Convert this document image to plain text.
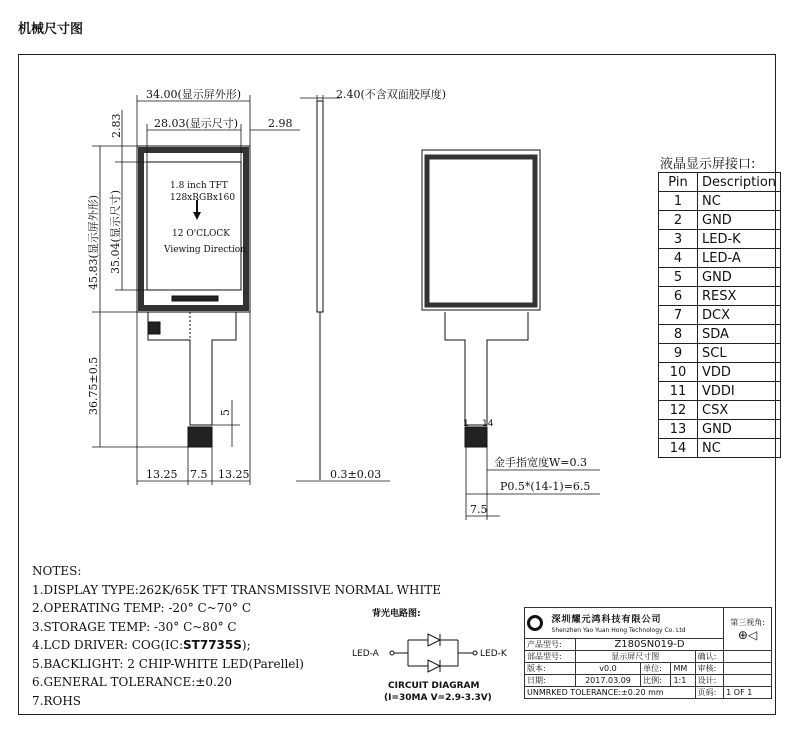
机械尺寸图
1.8 inch TFT
128xRGBx160
12 O'CLOCK
Viewing Direction
34.00(显示屏外形)
28.03(显示尺寸)	2.98
2.83
45.83(显示屏外形) 35.04(显示尺寸)
36.75±0.5	5
13.25 7.5 13.25
2.40(不含双面胶厚度)
0.3±0.03
1 14
金手指宽度W=0.3
P0.5*(14-1)=6.5
7.5
背光电路图:
LED-A	LED-K
CIRCUIT DIAGRAM
(I=30MA V=2.9-3.3V)
液晶显示屏接口:
Pin	Description
1	NC
2	GND
3	LED-K
4	LED-A
5	GND
6	RESX
7	DCX
8	SDA
9	SCL
10	VDD
11	VDDI
12	CSX
13	GND
14	NC
NOTES:
1.DISPLAY TYPE:262K/65K TFT TRANSMISSIVE NORMAL WHITE
2.OPERATING TEMP: -20° C~70° C
3.STORAGE TEMP: -30° C~80° C
4.LCD DRIVER: COG(IC:ST7735S);
5.BACKLIGHT: 2 CHIP-WHITE LED(Parellel)
6.GENERAL TOLERANCE:±0.20
7.ROHS
深圳耀元鸿科技有限公司
Shenzhen Yao Yuan Hong Technology Co. Ltd					第三视角:
⊕◁
产品型号:	Z180SN019-D				
部品型号:	显示屏尺寸图			确认:	
版本:	v0.0	单位:	MM	审核:	
日期:	2017.03.09	比例:	1:1	设计:	
UNMRKED TOLERANCE:±0.20 mm				页码:	1 OF 1
